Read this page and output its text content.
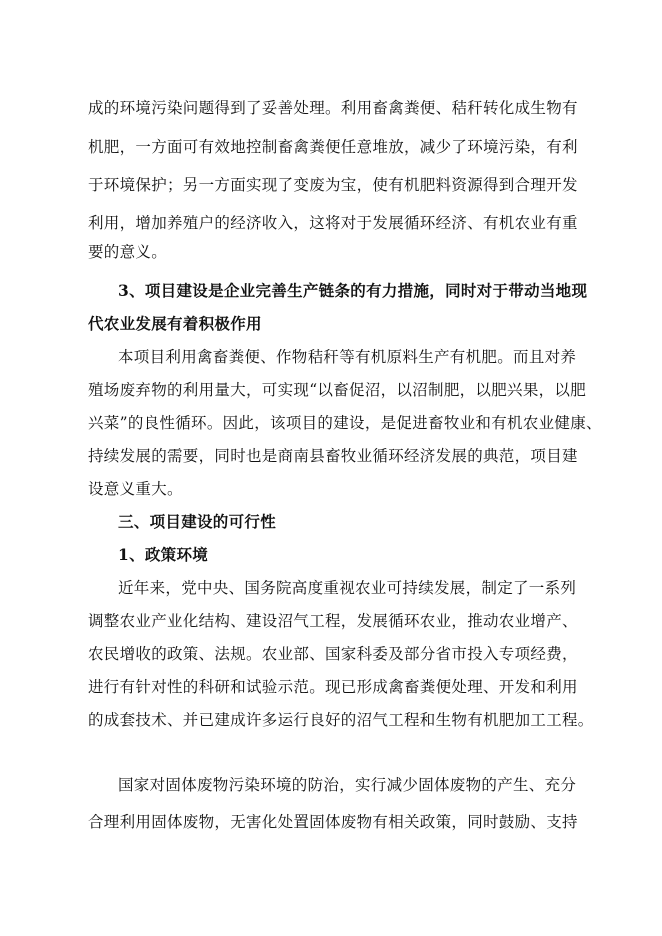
成的环境污染问题得到了妥善处理。利用畜禽粪便、秸秆转化成生物有
机肥，一方面可有效地控制畜禽粪便任意堆放，减少了环境污染，有利
于环境保护；另一方面实现了变废为宝，使有机肥料资源得到合理开发
利用，增加养殖户的经济收入，这将对于发展循环经济、有机农业有重
要的意义。
3、项目建设是企业完善生产链条的有力措施，同时对于带动当地现
代农业发展有着积极作用
本项目利用禽畜粪便、作物秸秆等有机原料生产有机肥。而且对养
殖场废弃物的利用量大，可实现“以畜促沼，以沼制肥，以肥兴果，以肥
兴菜”的良性循环。因此，该项目的建设，是促进畜牧业和有机农业健康、
持续发展的需要，同时也是商南县畜牧业循环经济发展的典范，项目建
设意义重大。
三、项目建设的可行性
1、政策环境
近年来，党中央、国务院高度重视农业可持续发展，制定了一系列
调整农业产业化结构、建设沼气工程，发展循环农业，推动农业增产、
农民增收的政策、法规。农业部、国家科委及部分省市投入专项经费，
进行有针对性的科研和试验示范。现已形成禽畜粪便处理、开发和利用
的成套技术、并已建成许多运行良好的沼气工程和生物有机肥加工工程。
国家对固体废物污染环境的防治，实行减少固体废物的产生、充分
合理利用固体废物，无害化处置固体废物有相关政策，同时鼓励、支持
